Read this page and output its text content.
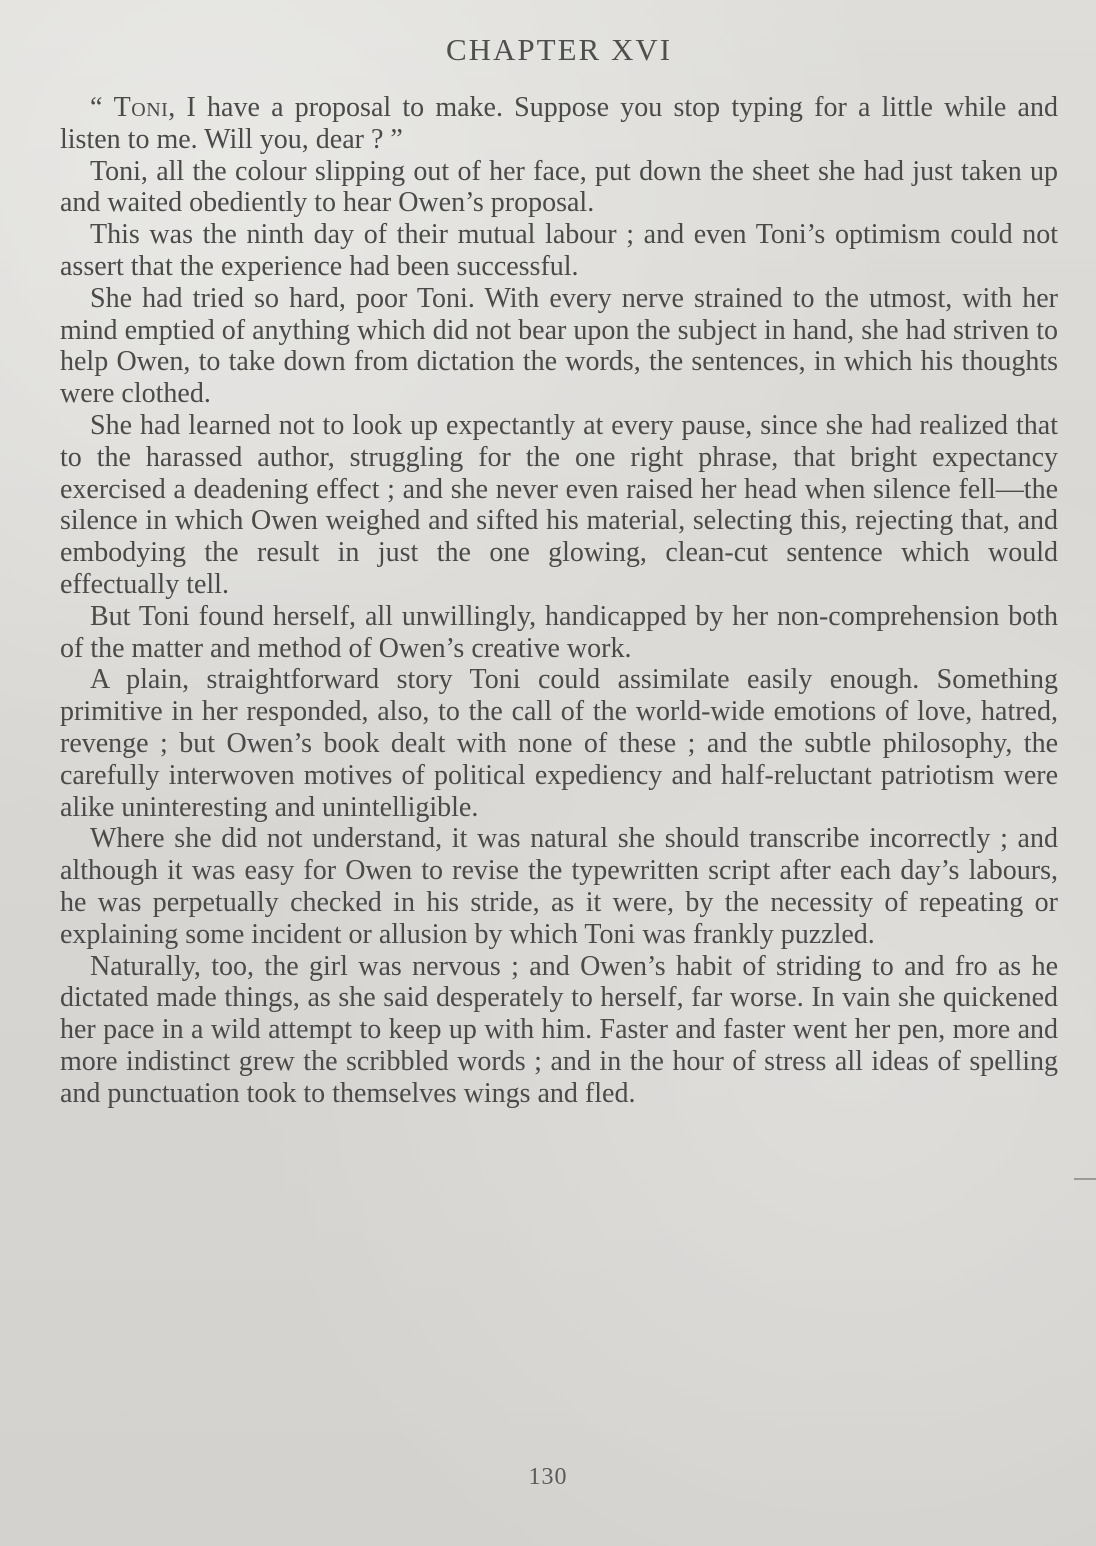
CHAPTER XVI

“ Toni, I have a proposal to make. Suppose you stop typing for a little while and listen to me. Will you, dear ? ”

Toni, all the colour slipping out of her face, put down the sheet she had just taken up and waited obediently to hear Owen’s proposal.

This was the ninth day of their mutual labour ; and even Toni’s optimism could not assert that the experience had been successful.

She had tried so hard, poor Toni. With every nerve strained to the utmost, with her mind emptied of anything which did not bear upon the subject in hand, she had striven to help Owen, to take down from dictation the words, the sentences, in which his thoughts were clothed.

She had learned not to look up expectantly at every pause, since she had realized that to the harassed author, struggling for the one right phrase, that bright expectancy exercised a deadening effect ; and she never even raised her head when silence fell—the silence in which Owen weighed and sifted his material, selecting this, rejecting that, and embodying the result in just the one glowing, clean-cut sentence which would effectually tell.

But Toni found herself, all unwillingly, handicapped by her non-comprehension both of the matter and method of Owen’s creative work.

A plain, straightforward story Toni could assimilate easily enough. Something primitive in her responded, also, to the call of the world-wide emotions of love, hatred, revenge ; but Owen’s book dealt with none of these ; and the subtle philosophy, the carefully interwoven motives of political expediency and half-reluctant patriotism were alike uninteresting and unintelligible.

Where she did not understand, it was natural she should transcribe incorrectly ; and although it was easy for Owen to revise the typewritten script after each day’s labours, he was perpetually checked in his stride, as it were, by the necessity of repeating or explaining some incident or allusion by which Toni was frankly puzzled.

Naturally, too, the girl was nervous ; and Owen’s habit of striding to and fro as he dictated made things, as she said desperately to herself, far worse. In vain she quickened her pace in a wild attempt to keep up with him. Faster and faster went her pen, more and more indistinct grew the scribbled words ; and in the hour of stress all ideas of spelling and punctuation took to themselves wings and fled.

130
